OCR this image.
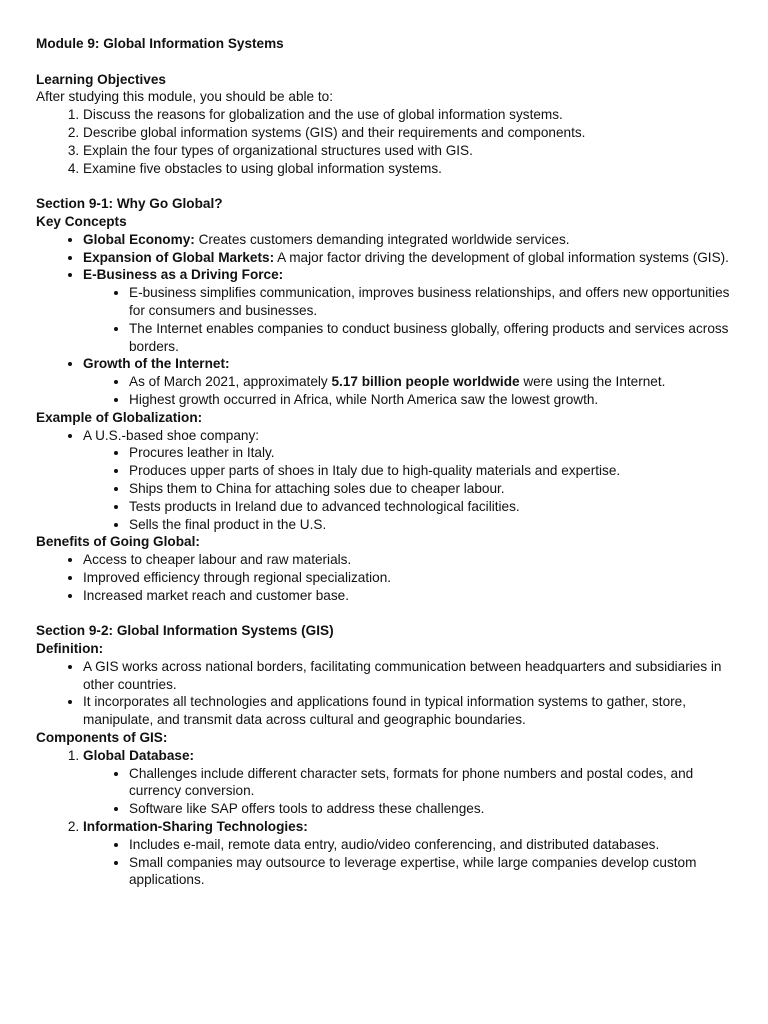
Module 9: Global Information Systems

Learning Objectives

After studying this module, you should be able to:

1. Discuss the reasons for globalization and the use of global information systems.
2. Describe global information systems (GIS) and their requirements and components.
3. Explain the four types of organizational structures used with GIS.
4. Examine five obstacles to using global information systems.

Section 9-1: Why Go Global?

Key Concepts

• Global Economy: Creates customers demanding integrated worldwide services.
• Expansion of Global Markets: A major factor driving the development of global information systems (GIS).
• E-Business as a Driving Force:
• E-business simplifies communication, improves business relationships, and offers new opportunities for consumers and businesses.
• The Internet enables companies to conduct business globally, offering products and services across borders.
• Growth of the Internet:
• As of March 2021, approximately 5.17 billion people worldwide were using the Internet.
• Highest growth occurred in Africa, while North America saw the lowest growth.

Example of Globalization:

• A U.S.-based shoe company:
• Procures leather in Italy.
• Produces upper parts of shoes in Italy due to high-quality materials and expertise.
• Ships them to China for attaching soles due to cheaper labour.
• Tests products in Ireland due to advanced technological facilities.
• Sells the final product in the U.S.

Benefits of Going Global:

• Access to cheaper labour and raw materials.
• Improved efficiency through regional specialization.
• Increased market reach and customer base.

Section 9-2: Global Information Systems (GIS)

Definition:

• A GIS works across national borders, facilitating communication between headquarters and subsidiaries in other countries.
• It incorporates all technologies and applications found in typical information systems to gather, store, manipulate, and transmit data across cultural and geographic boundaries.

Components of GIS:

1. Global Database:
• Challenges include different character sets, formats for phone numbers and postal codes, and currency conversion.
• Software like SAP offers tools to address these challenges.
2. Information-Sharing Technologies:
• Includes e-mail, remote data entry, audio/video conferencing, and distributed databases.
• Small companies may outsource to leverage expertise, while large companies develop custom applications.
